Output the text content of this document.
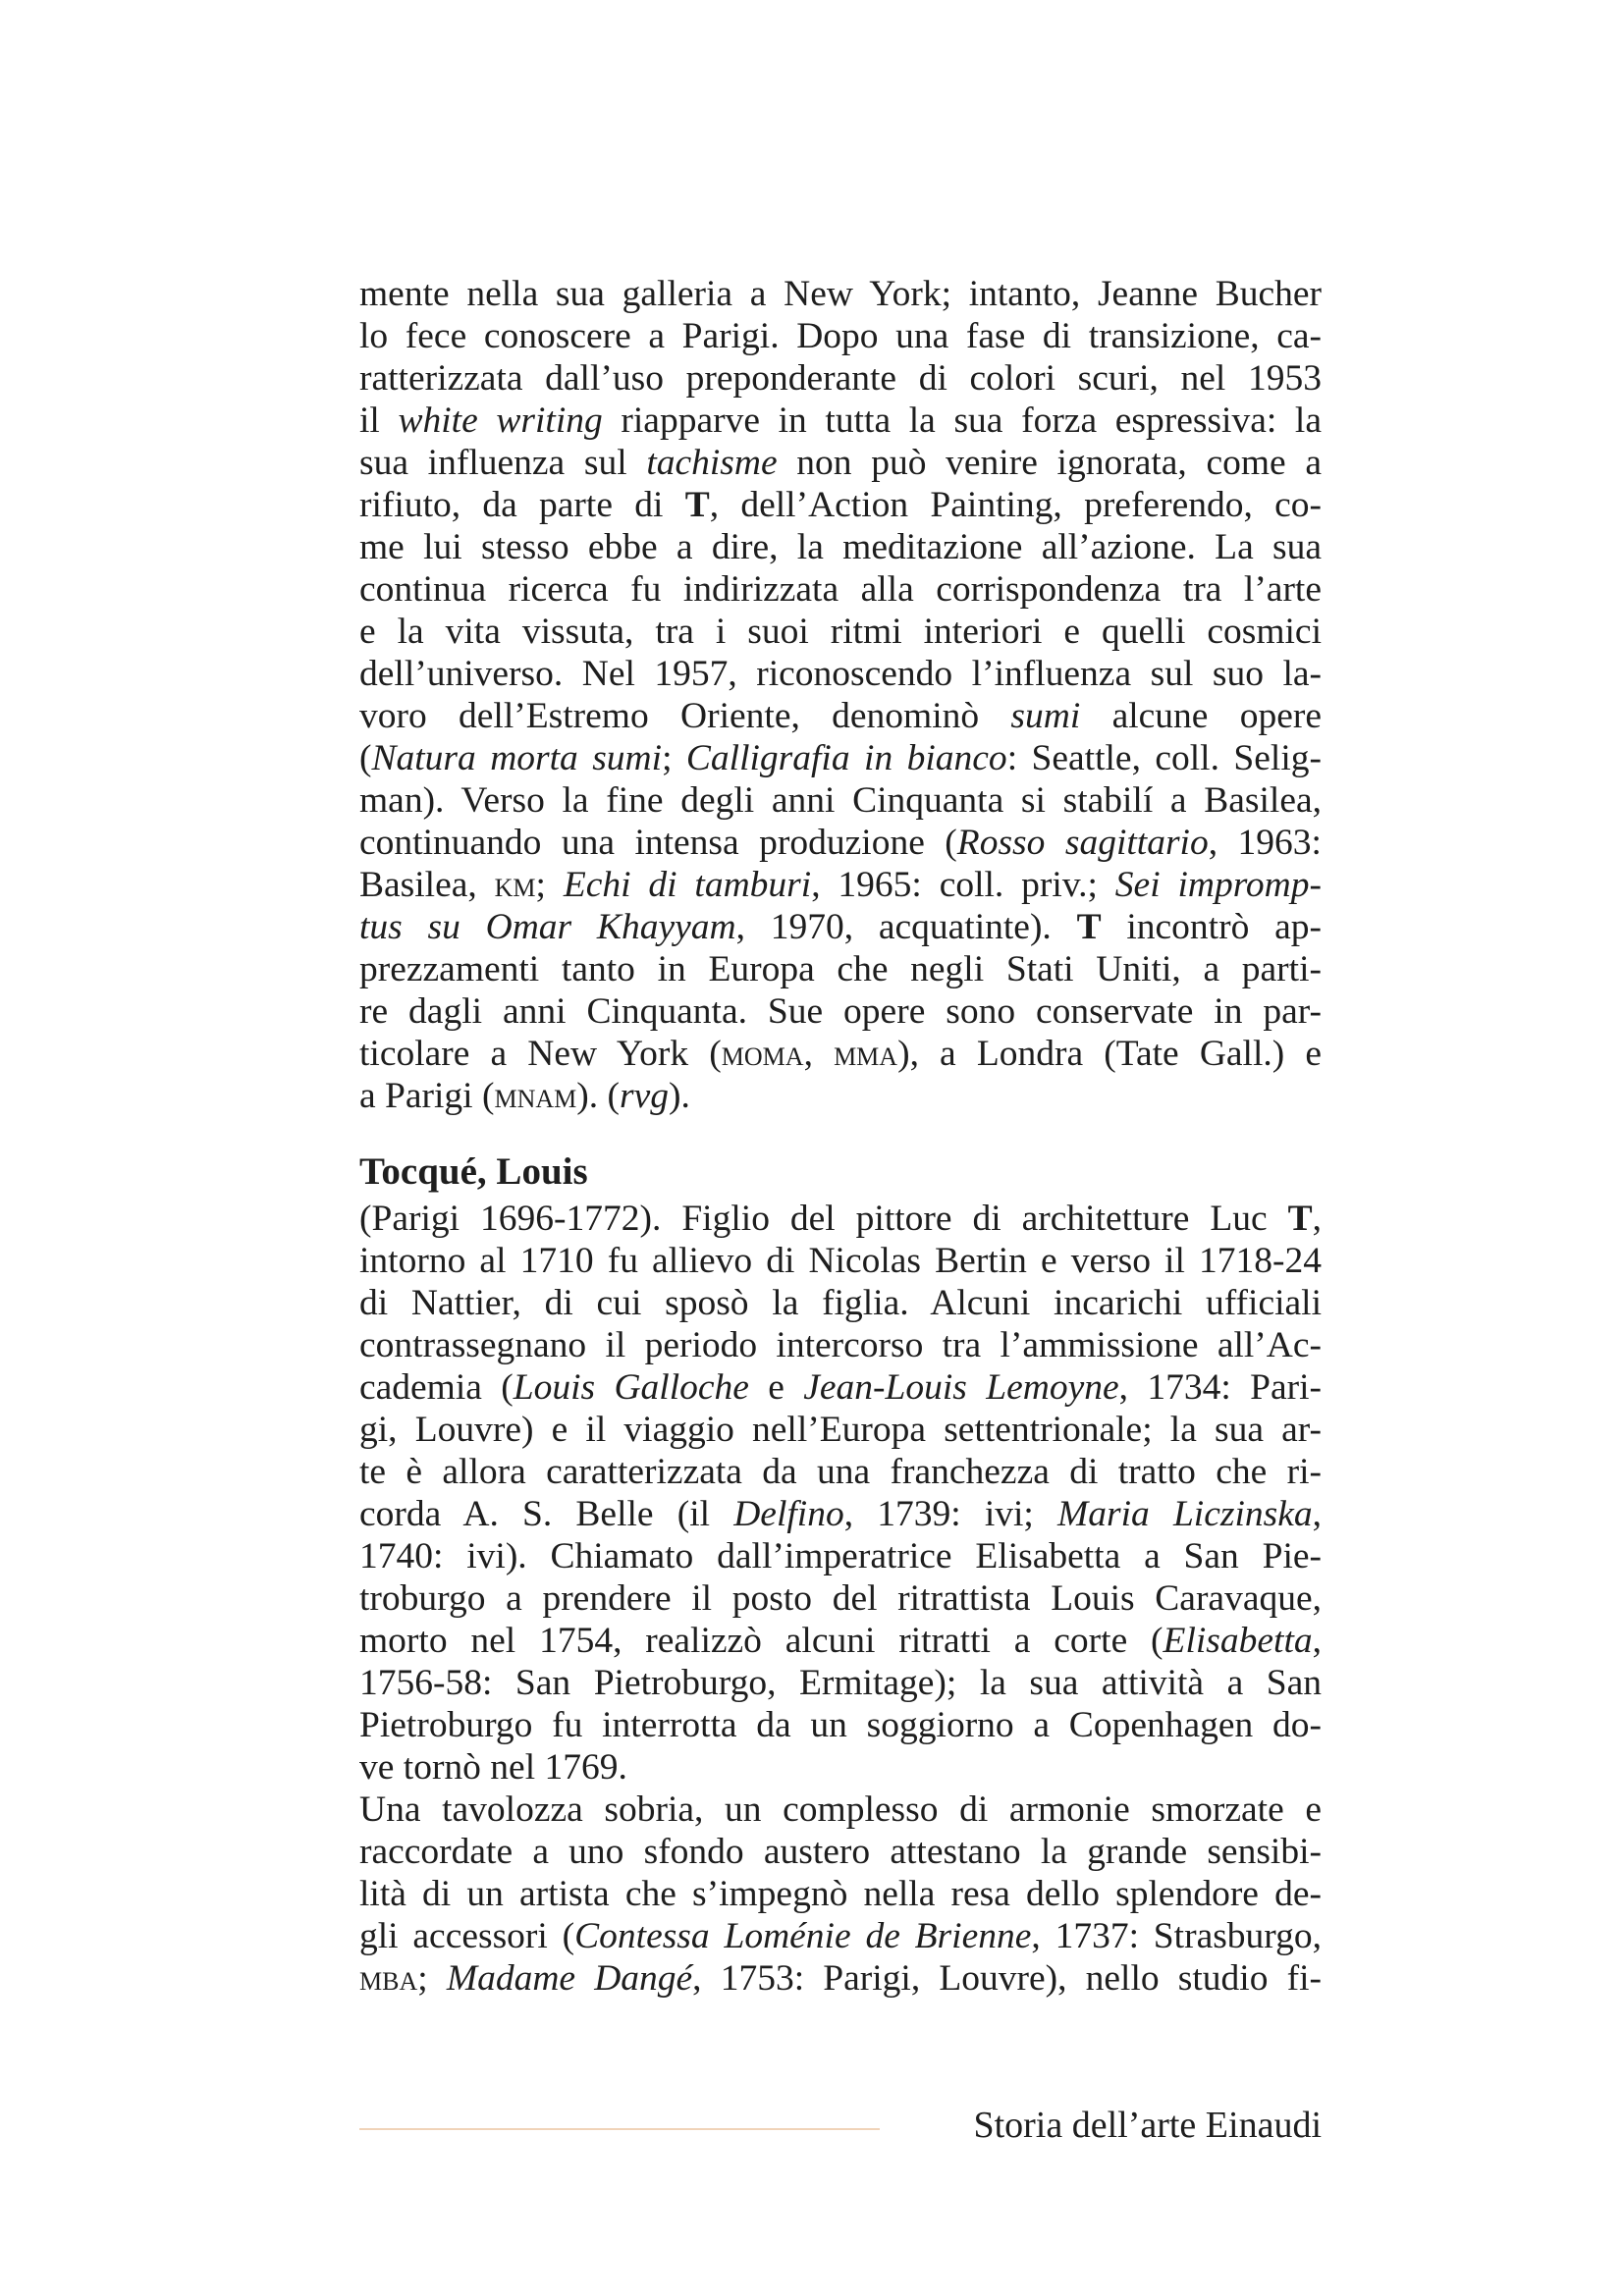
mente nella sua galleria a New York; intanto, Jeanne Bucher
lo fece conoscere a Parigi. Dopo una fase di transizione, ca-
ratterizzata dall’uso preponderante di colori scuri, nel 1953
il white writing riapparve in tutta la sua forza espressiva: la
sua influenza sul tachisme non può venire ignorata, come a
rifiuto, da parte di T, dell’Action Painting, preferendo, co-
me lui stesso ebbe a dire, la meditazione all’azione. La sua
continua ricerca fu indirizzata alla corrispondenza tra l’arte
e la vita vissuta, tra i suoi ritmi interiori e quelli cosmici
dell’universo. Nel 1957, riconoscendo l’influenza sul suo la-
voro dell’Estremo Oriente, denominò sumi alcune opere
(Natura morta sumi; Calligrafia in bianco: Seattle, coll. Selig-
man). Verso la fine degli anni Cinquanta si stabilí a Basilea,
continuando una intensa produzione (Rosso sagittario, 1963:
Basilea, km; Echi di tamburi, 1965: coll. priv.; Sei impromp-
tus su Omar Khayyam, 1970, acquatinte). T incontrò ap-
prezzamenti tanto in Europa che negli Stati Uniti, a parti-
re dagli anni Cinquanta. Sue opere sono conservate in par-
ticolare a New York (moma, mma), a Londra (Tate Gall.) e
a Parigi (mnam). (rvg).
Tocqué, Louis
(Parigi 1696-1772). Figlio del pittore di architetture Luc T,
intorno al 1710 fu allievo di Nicolas Bertin e verso il 1718-24
di Nattier, di cui sposò la figlia. Alcuni incarichi ufficiali
contrassegnano il periodo intercorso tra l’ammissione all’Ac-
cademia (Louis Galloche e Jean-Louis Lemoyne, 1734: Pari-
gi, Louvre) e il viaggio nell’Europa settentrionale; la sua ar-
te è allora caratterizzata da una franchezza di tratto che ri-
corda A. S. Belle (il Delfino, 1739: ivi; Maria Liczinska,
1740: ivi). Chiamato dall’imperatrice Elisabetta a San Pie-
troburgo a prendere il posto del ritrattista Louis Caravaque,
morto nel 1754, realizzò alcuni ritratti a corte (Elisabetta,
1756-58: San Pietroburgo, Ermitage); la sua attività a San
Pietroburgo fu interrotta da un soggiorno a Copenhagen do-
ve tornò nel 1769.
Una tavolozza sobria, un complesso di armonie smorzate e
raccordate a uno sfondo austero attestano la grande sensibi-
lità di un artista che s’impegnò nella resa dello splendore de-
gli accessori (Contessa Loménie de Brienne, 1737: Strasburgo,
mba; Madame Dangé, 1753: Parigi, Louvre), nello studio fi-
Storia dell’arte Einaudi
